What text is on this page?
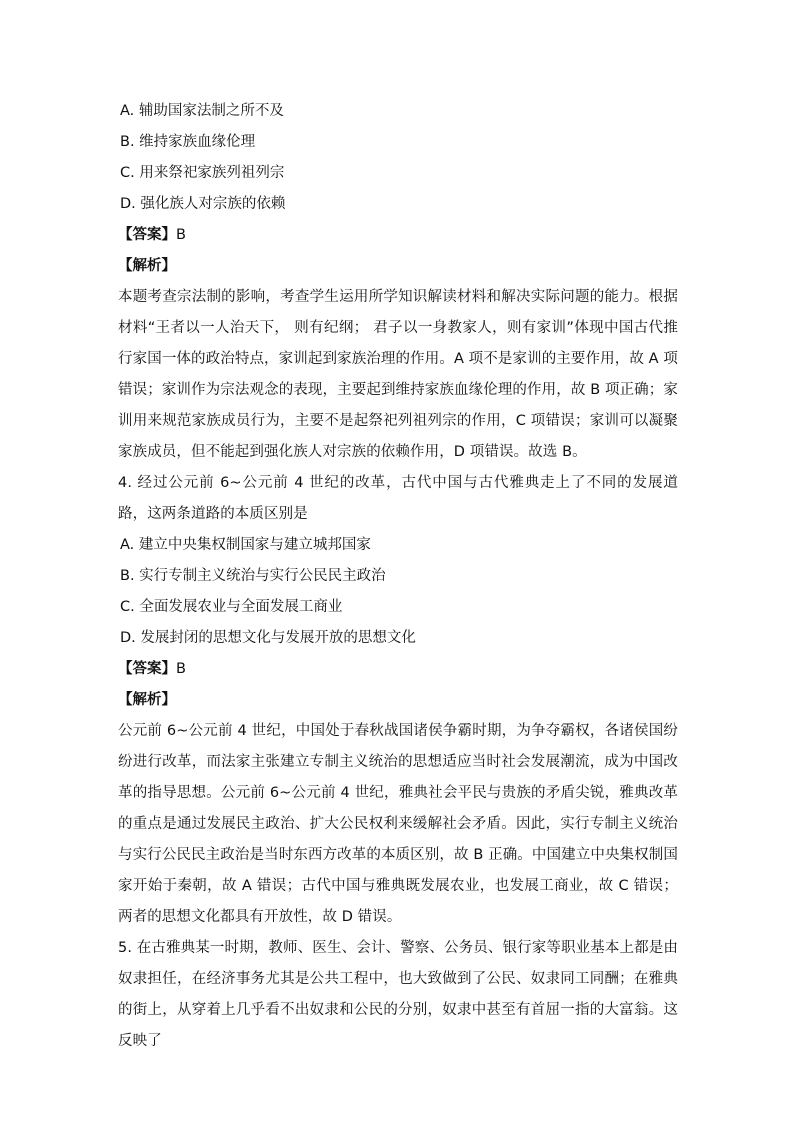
A. 辅助国家法制之所不及
B. 维持家族血缘伦理
C. 用来祭祀家族列祖列宗
D. 强化族人对宗族的依赖
【答案】B
【解析】
本题考查宗法制的影响，考查学生运用所学知识解读材料和解决实际问题的能力。根据材料“王者以一人治天下， 则有纪纲； 君子以一身教家人，则有家训”体现中国古代推行家国一体的政治特点，家训起到家族治理的作用。A 项不是家训的主要作用，故 A 项错误；家训作为宗法观念的表现，主要起到维持家族血缘伦理的作用，故 B 项正确；家训用来规范家族成员行为，主要不是起祭祀列祖列宗的作用，C 项错误；家训可以凝聚家族成员，但不能起到强化族人对宗族的依赖作用，D 项错误。故选 B。
4. 经过公元前 6~公元前 4 世纪的改革，古代中国与古代雅典走上了不同的发展道路，这两条道路的本质区别是
A. 建立中央集权制国家与建立城邦国家
B. 实行专制主义统治与实行公民民主政治
C. 全面发展农业与全面发展工商业
D. 发展封闭的思想文化与发展开放的思想文化
【答案】B
【解析】
公元前 6~公元前 4 世纪，中国处于春秋战国诸侯争霸时期，为争夺霸权，各诸侯国纷纷进行改革，而法家主张建立专制主义统治的思想适应当时社会发展潮流，成为中国改革的指导思想。公元前 6~公元前 4 世纪，雅典社会平民与贵族的矛盾尖锐，雅典改革的重点是通过发展民主政治、扩大公民权利来缓解社会矛盾。因此，实行专制主义统治与实行公民民主政治是当时东西方改革的本质区别，故 B 正确。中国建立中央集权制国家开始于秦朝，故 A 错误；古代中国与雅典既发展农业，也发展工商业，故 C 错误；两者的思想文化都具有开放性，故 D 错误。
5. 在古雅典某一时期，教师、医生、会计、警察、公务员、银行家等职业基本上都是由奴隶担任，在经济事务尤其是公共工程中，也大致做到了公民、奴隶同工同酬；在雅典的街上，从穿着上几乎看不出奴隶和公民的分别，奴隶中甚至有首屈一指的大富翁。这反映了
